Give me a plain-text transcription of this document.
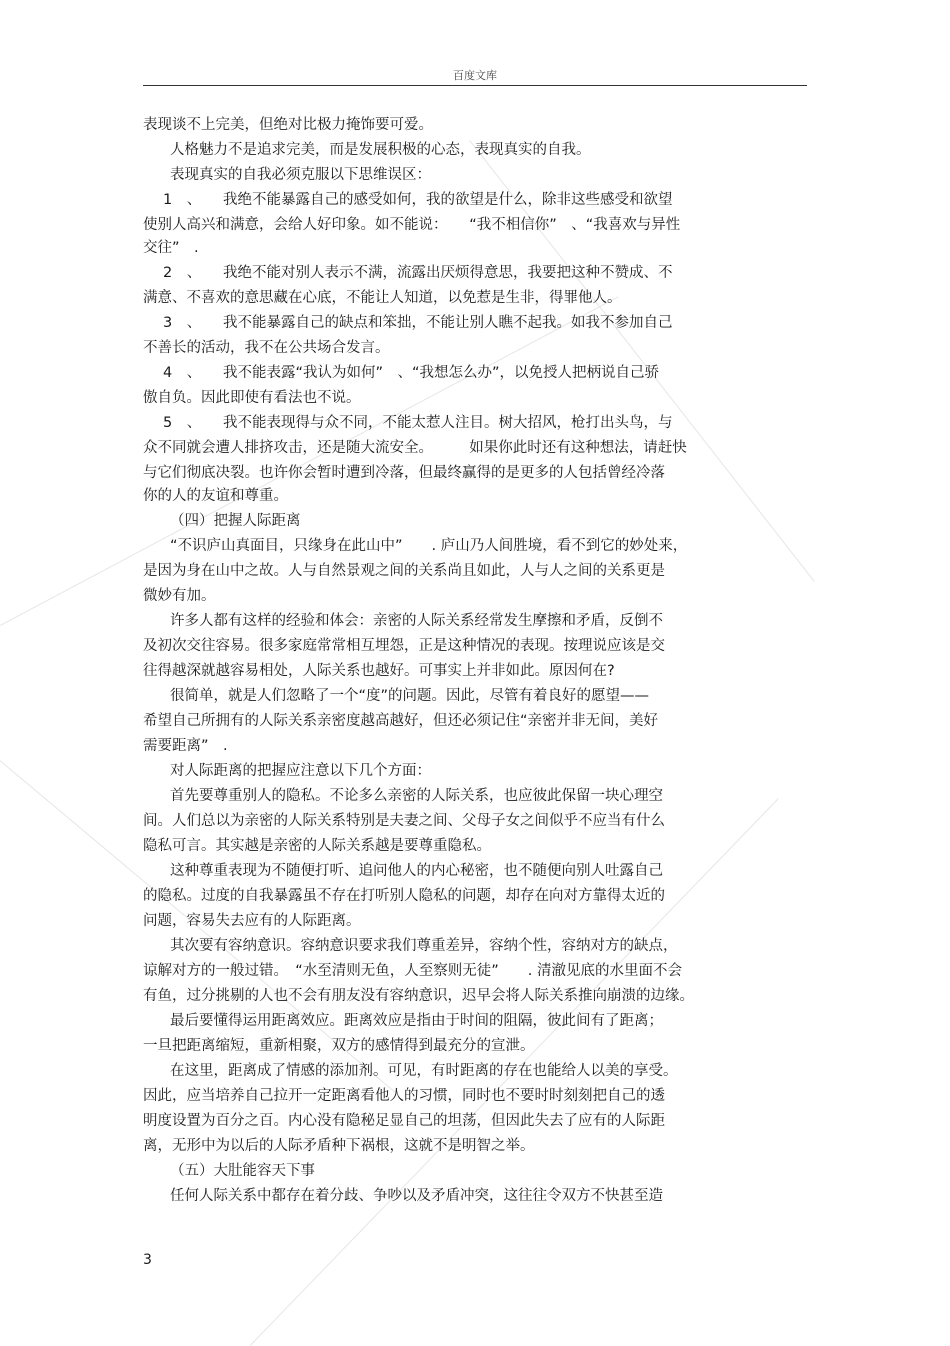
百度文库
表现谈不上完美，但绝对比极力掩饰要可爱。
人格魅力不是追求完美，而是发展积极的心态，表现真实的自我。
表现真实的自我必须克服以下思维误区：
1　、　　我绝不能暴露自己的感受如何，我的欲望是什么，除非这些感受和欲望
使别人高兴和满意，会给人好印象。如不能说：　　“我不相信你”　、“我喜欢与异性
交往”　.
2　、　　我绝不能对别人表示不满，流露出厌烦得意思，我要把这种不赞成、不
满意、不喜欢的意思藏在心底，不能让人知道，以免惹是生非，得罪他人。
3　、　　我不能暴露自己的缺点和笨拙，不能让别人瞧不起我。如我不参加自己
不善长的活动，我不在公共场合发言。
4　、　　我不能表露“我认为如何”　、“我想怎么办”，以免授人把柄说自己骄
傲自负。因此即使有看法也不说。
5　、　　我不能表现得与众不同，不能太惹人注目。树大招风，枪打出头鸟，与
众不同就会遭人排挤攻击，还是随大流安全。　　　如果你此时还有这种想法，请赶快
与它们彻底决裂。也许你会暂时遭到冷落，但最终赢得的是更多的人包括曾经冷落
你的人的友谊和尊重。
（四）把握人际距离
“不识庐山真面目，只缘身在此山中”　　. 庐山乃人间胜境，看不到它的妙处来，
是因为身在山中之故。人与自然景观之间的关系尚且如此，人与人之间的关系更是
微妙有加。
许多人都有这样的经验和体会：亲密的人际关系经常发生摩擦和矛盾，反倒不
及初次交往容易。很多家庭常常相互埋怨，正是这种情况的表现。按理说应该是交
往得越深就越容易相处，人际关系也越好。可事实上并非如此。原因何在?
很简单，就是人们忽略了一个“度”的问题。因此，尽管有着良好的愿望——
希望自己所拥有的人际关系亲密度越高越好，但还必须记住“亲密并非无间，美好
需要距离”　.
对人际距离的把握应注意以下几个方面：
首先要尊重别人的隐私。不论多么亲密的人际关系，也应彼此保留一块心理空
间。人们总以为亲密的人际关系特别是夫妻之间、父母子女之间似乎不应当有什么
隐私可言。其实越是亲密的人际关系越是要尊重隐私。
这种尊重表现为不随便打听、追问他人的内心秘密，也不随便向别人吐露自己
的隐私。过度的自我暴露虽不存在打听别人隐私的问题，却存在向对方靠得太近的
问题，容易失去应有的人际距离。
其次要有容纳意识。容纳意识要求我们尊重差异，容纳个性，容纳对方的缺点，
谅解对方的一般过错。　“水至清则无鱼，人至察则无徒”　　. 清澈见底的水里面不会
有鱼，过分挑剔的人也不会有朋友没有容纳意识，迟早会将人际关系推向崩溃的边缘。
最后要懂得运用距离效应。距离效应是指由于时间的阻隔，彼此间有了距离；
一旦把距离缩短，重新相聚，双方的感情得到最充分的宣泄。
在这里，距离成了情感的添加剂。可见，有时距离的存在也能给人以美的享受。
因此，应当培养自己拉开一定距离看他人的习惯，同时也不要时时刻刻把自己的透
明度设置为百分之百。内心没有隐秘足显自己的坦荡，但因此失去了应有的人际距
离，无形中为以后的人际矛盾种下祸根，这就不是明智之举。
（五）大肚能容天下事
任何人际关系中都存在着分歧、争吵以及矛盾冲突，这往往令双方不快甚至造
3
